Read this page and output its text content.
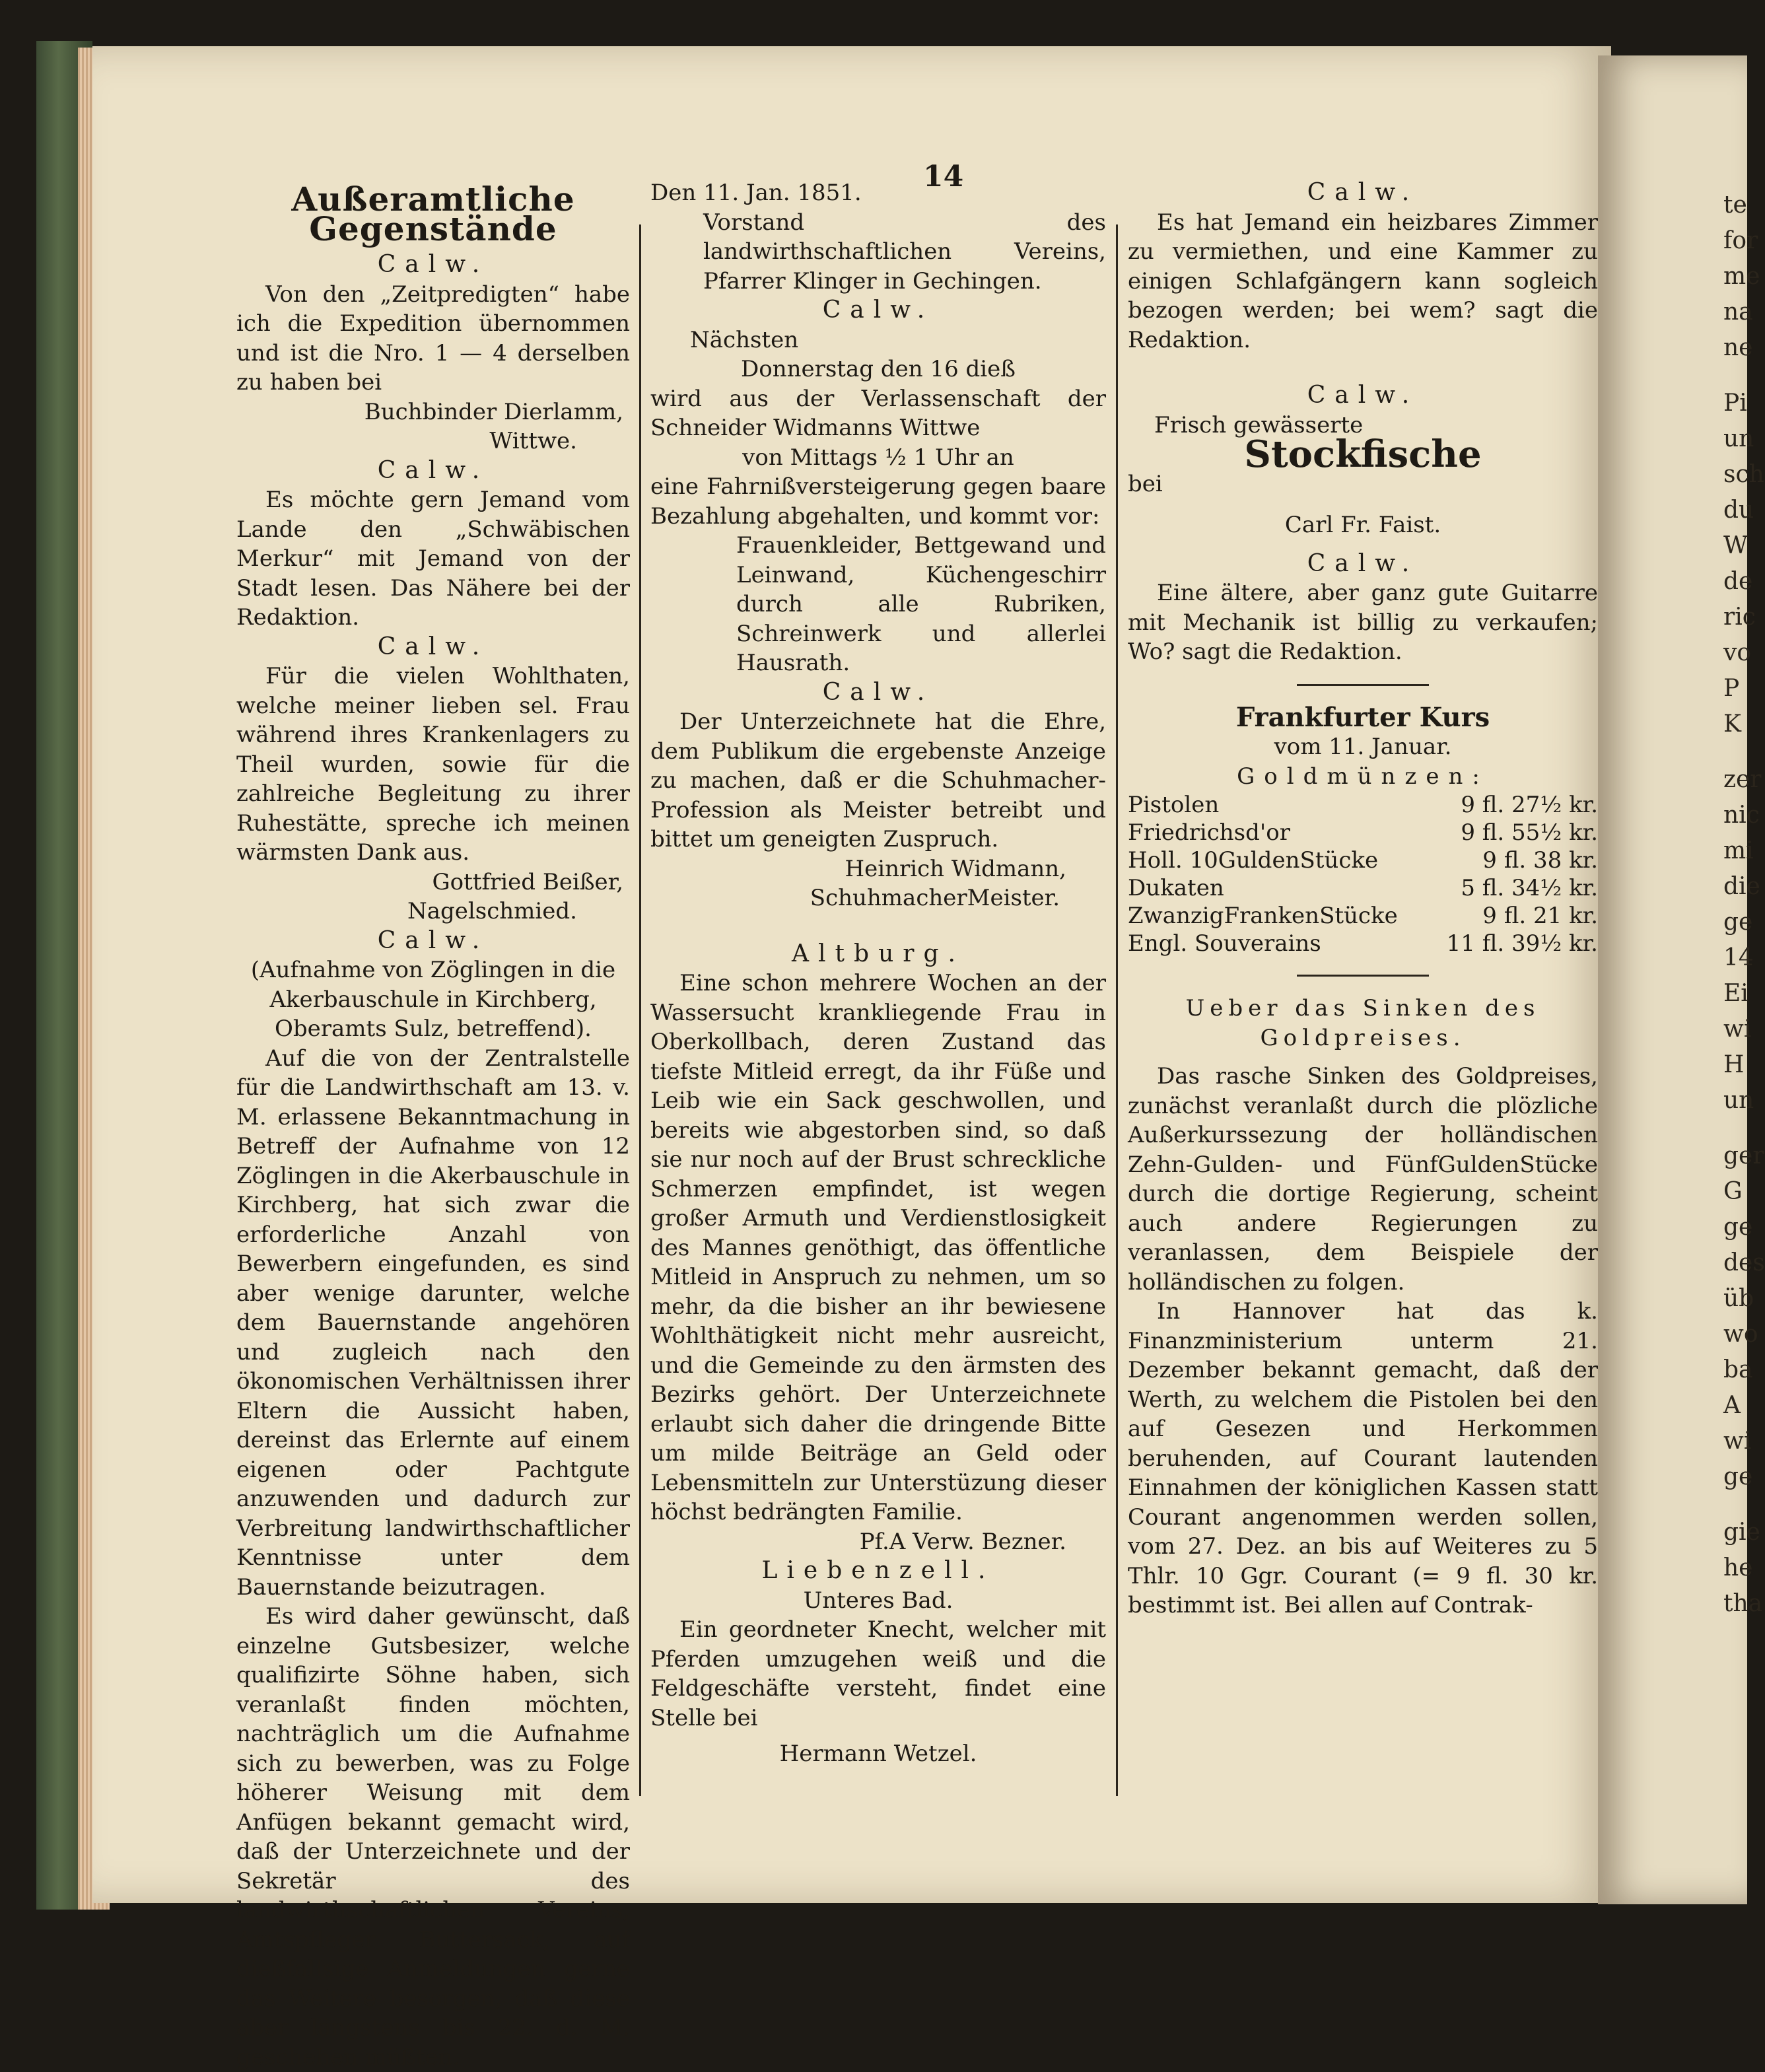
14
Außeramtliche Gegenstände

Calw.

Von den „Zeitpredigten“ habe ich die Expedition übernommen und ist die Nro. 1 — 4 derselben zu haben bei

Buchbinder Dierlamm,

Wittwe.

Calw.

Es möchte gern Jemand vom Lande den „Schwäbischen Merkur“ mit Jemand von der Stadt lesen. Das Nähere bei der Redaktion.

Calw.

Für die vielen Wohlthaten, welche meiner lieben sel. Frau während ihres Krankenlagers zu Theil wurden, sowie für die zahlreiche Begleitung zu ihrer Ruhestätte, spreche ich meinen wärmsten Dank aus.

Gottfried Beißer,

Nagelschmied.

Calw.

(Aufnahme von Zöglingen in die Akerbauschule in Kirchberg, Oberamts Sulz, betreffend).

Auf die von der Zentralstelle für die Landwirthschaft am 13. v. M. erlassene Bekanntmachung in Betreff der Aufnahme von 12 Zöglingen in die Akerbauschule in Kirchberg, hat sich zwar die erforderliche Anzahl von Bewerbern eingefunden, es sind aber wenige darunter, welche dem Bauernstande angehören und zugleich nach den ökonomischen Verhältnissen ihrer Eltern die Aussicht haben, dereinst das Erlernte auf einem eigenen oder Pachtgute anzuwenden und dadurch zur Verbreitung landwirthschaftlicher Kenntnisse unter dem Bauernstande beizutragen.

Es wird daher gewünscht, daß einzelne Gutsbesizer, welche qualifizirte Söhne haben, sich veranlaßt finden möchten, nachträglich um die Aufnahme sich zu bewerben, was zu Folge höherer Weisung mit dem Anfügen bekannt gemacht wird, daß der Unterzeichnete und der Sekretär des landwirthschaftlichen Vereins, Amtspfleger Buttersack, auf dießfallsige Anmeldungen gerne das Weitere besorgen, daß diese aber längstens bis 22. d. M. geschehen müßten.

Den 11. Jan. 1851.

Vorstand des landwirthschaftlichen Vereins, Pfarrer Klinger in Gechingen.

Calw.

Nächsten

Donnerstag den 16 dieß

wird aus der Verlassenschaft der Schneider Widmanns Wittwe

von Mittags ½ 1 Uhr an

eine Fahrnißversteigerung gegen baare Bezahlung abgehalten, und kommt vor:

Frauenkleider, Bettgewand und Leinwand, Küchengeschirr durch alle Rubriken, Schreinwerk und allerlei Hausrath.

Calw.

Der Unterzeichnete hat die Ehre, dem Publikum die ergebenste Anzeige zu machen, daß er die Schuhmacher-Profession als Meister betreibt und bittet um geneigten Zuspruch.

Heinrich Widmann,

SchuhmacherMeister.

Altburg.

Eine schon mehrere Wochen an der Wassersucht krankliegende Frau in Oberkollbach, deren Zustand das tiefste Mitleid erregt, da ihr Füße und Leib wie ein Sack geschwollen, und bereits wie abgestorben sind, so daß sie nur noch auf der Brust schreckliche Schmerzen empfindet, ist wegen großer Armuth und Verdienstlosigkeit des Mannes genöthigt, das öffentliche Mitleid in Anspruch zu nehmen, um so mehr, da die bisher an ihr bewiesene Wohlthätigkeit nicht mehr ausreicht, und die Gemeinde zu den ärmsten des Bezirks gehört. Der Unterzeichnete erlaubt sich daher die dringende Bitte um milde Beiträge an Geld oder Lebensmitteln zur Unterstüzung dieser höchst bedrängten Familie.

Pf.A Verw. Bezner.

Liebenzell.

Unteres Bad.

Ein geordneter Knecht, welcher mit Pferden umzugehen weiß und die Feldgeschäfte versteht, findet eine Stelle bei

Hermann Wetzel.

Calw.

Es hat Jemand ein heizbares Zimmer zu vermiethen, und eine Kammer zu einigen Schlafgängern kann sogleich bezogen werden; bei wem? sagt die Redaktion.

Calw.

Frisch gewässerte

Stockfische

bei

Carl Fr. Faist.

Calw.

Eine ältere, aber ganz gute Guitarre mit Mechanik ist billig zu verkaufen; Wo? sagt die Redaktion.

Frankfurter Kurs

vom 11. Januar.

Goldmünzen:

Pistolen	9 fl. 27½ kr.
Friedrichsd'or	9 fl. 55½ kr.
Holl. 10GuldenStücke	9 fl. 38 kr.
Dukaten	5 fl. 34½ kr.
ZwanzigFrankenStücke	9 fl. 21 kr.
Engl. Souverains	11 fl. 39½ kr.

Ueber das Sinken des Goldpreises.

Das rasche Sinken des Goldpreises, zunächst veranlaßt durch die plözliche Außerkurssezung der holländischen Zehn-Gulden- und FünfGuldenStücke durch die dortige Regierung, scheint auch andere Regierungen zu veranlassen, dem Beispiele der holländischen zu folgen.

In Hannover hat das k. Finanzministerium unterm 21. Dezember bekannt gemacht, daß der Werth, zu welchem die Pistolen bei den auf Gesezen und Herkommen beruhenden, auf Courant lautenden Einnahmen der königlichen Kassen statt Courant angenommen werden sollen, vom 27. Dez. an bis auf Weiteres zu 5 Thlr. 10 Ggr. Courant (= 9 fl. 30 kr. bestimmt ist. Bei allen auf Contrak-

te
for
me
na
ne
Pi
un
sch
du
W
de
ric
vo
P
K
zer
nic
mi
die
ge
14
Ei
wi
H
un
ger
G
ge
des
üb
wo
ba
A
wi
ge
gie
he
tha
